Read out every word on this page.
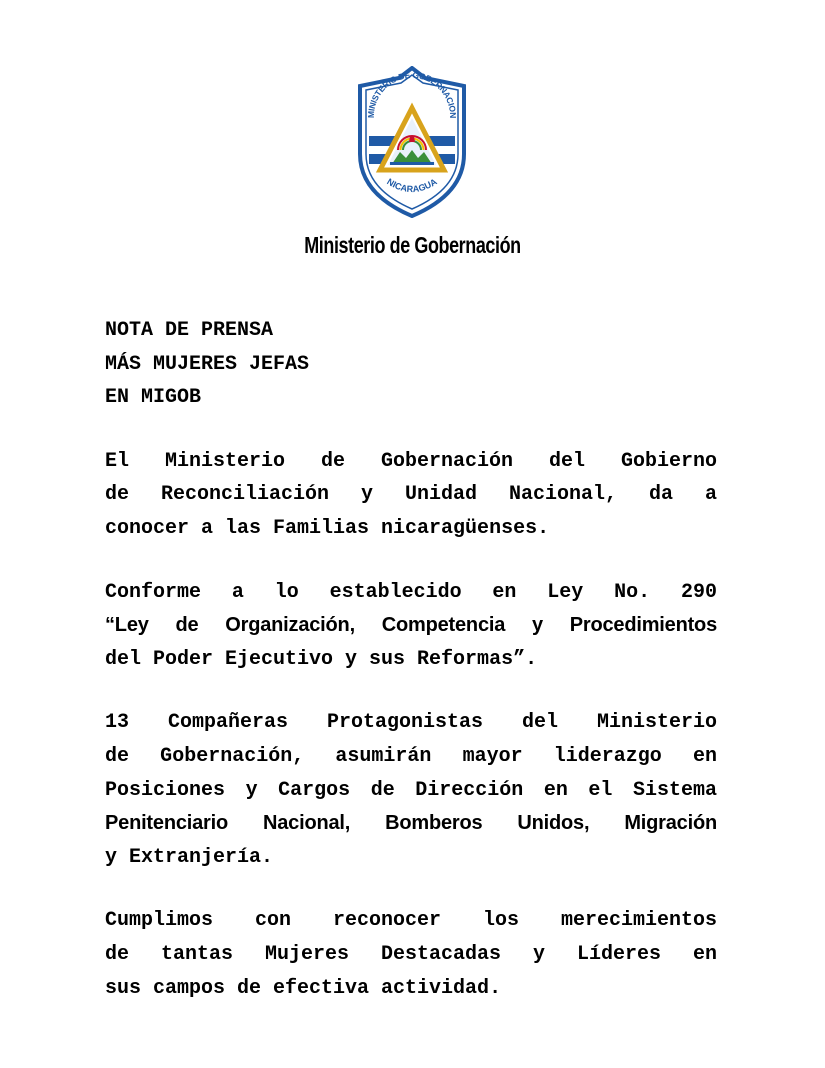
MINISTERIO DE GOBERNACION
NICARAGUA
Ministerio de Gobernación

NOTA DE PRENSA

MÁS MUJERES JEFAS

EN MIGOB

El Ministerio de Gobernación del Gobierno
de Reconciliación y Unidad Nacional, da a
conocer a las Familias nicaragüenses.
Conforme a lo establecido en Ley No. 290
“Ley de Organización, Competencia y Procedimientos
del Poder Ejecutivo y sus Reformas”.
13 Compañeras Protagonistas del Ministerio
de Gobernación, asumirán mayor liderazgo en
Posiciones y Cargos de Dirección en el Sistema
Penitenciario Nacional, Bomberos Unidos, Migración
y Extranjería.
Cumplimos con reconocer los merecimientos
de tantas Mujeres Destacadas y Líderes en
sus campos de efectiva actividad.
